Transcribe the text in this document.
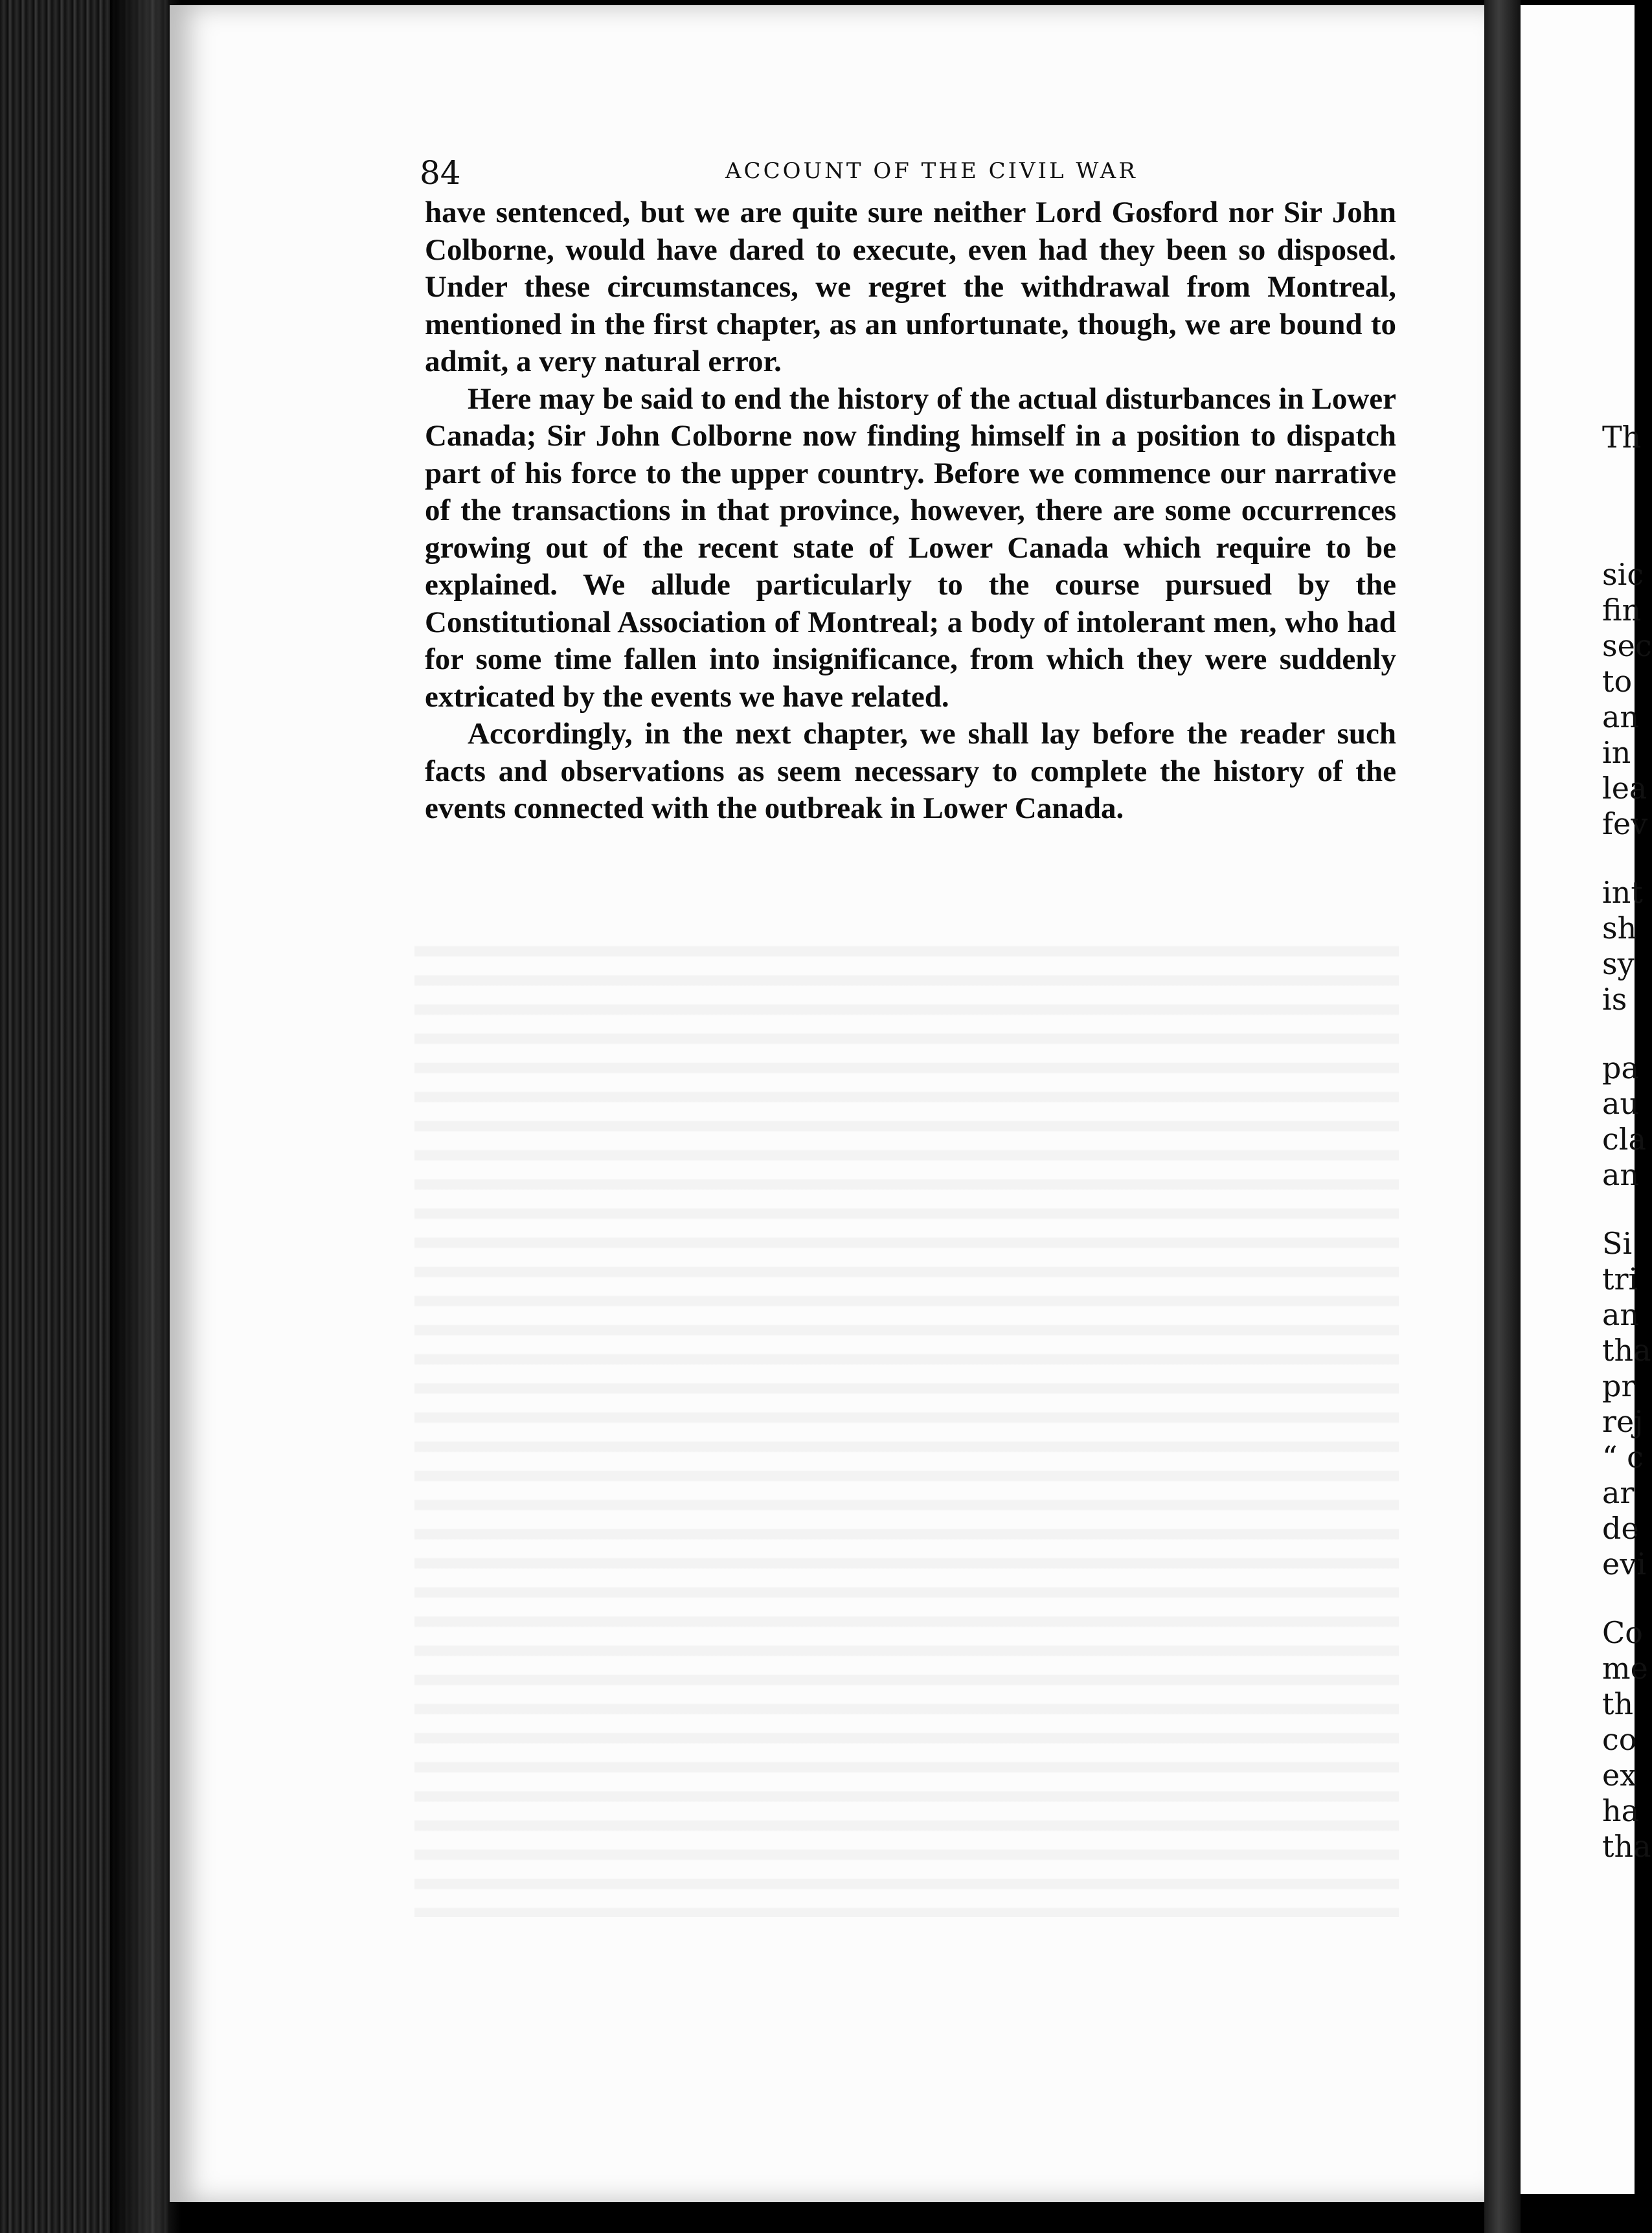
84	ACCOUNT OF THE CIVIL WAR

have sentenced, but we are quite sure neither Lord Gosford nor Sir John Colborne, would have dared to execute, even had they been so disposed. Under these circumstances, we regret the withdrawal from Montreal, mentioned in the first chapter, as an unfortunate, though, we are bound to admit, a very natural error.

Here may be said to end the history of the actual disturbances in Lower Canada; Sir John Colborne now finding himself in a position to dispatch part of his force to the upper country. Before we commence our narrative of the transactions in that province, however, there are some occurrences growing out of the recent state of Lower Canada which require to be explained. We allude particularly to the course pursued by the Constitutional Association of Montreal; a body of intolerant men, who had for some time fallen into insignificance, from which they were suddenly extricated by the events we have related.

Accordingly, in the next chapter, we shall lay before the reader such facts and observations as seem necessary to complete the history of the events connected with the outbreak in Lower Canada.

Th
sic
fin
sec
to
an
in
lea
fev
int
sh
sy
is
pa
au
cla
an
Si
tri
an
tha
pr
rej
“ c
ar
de
evi
Co
me
th
co
ex
ha
tha
